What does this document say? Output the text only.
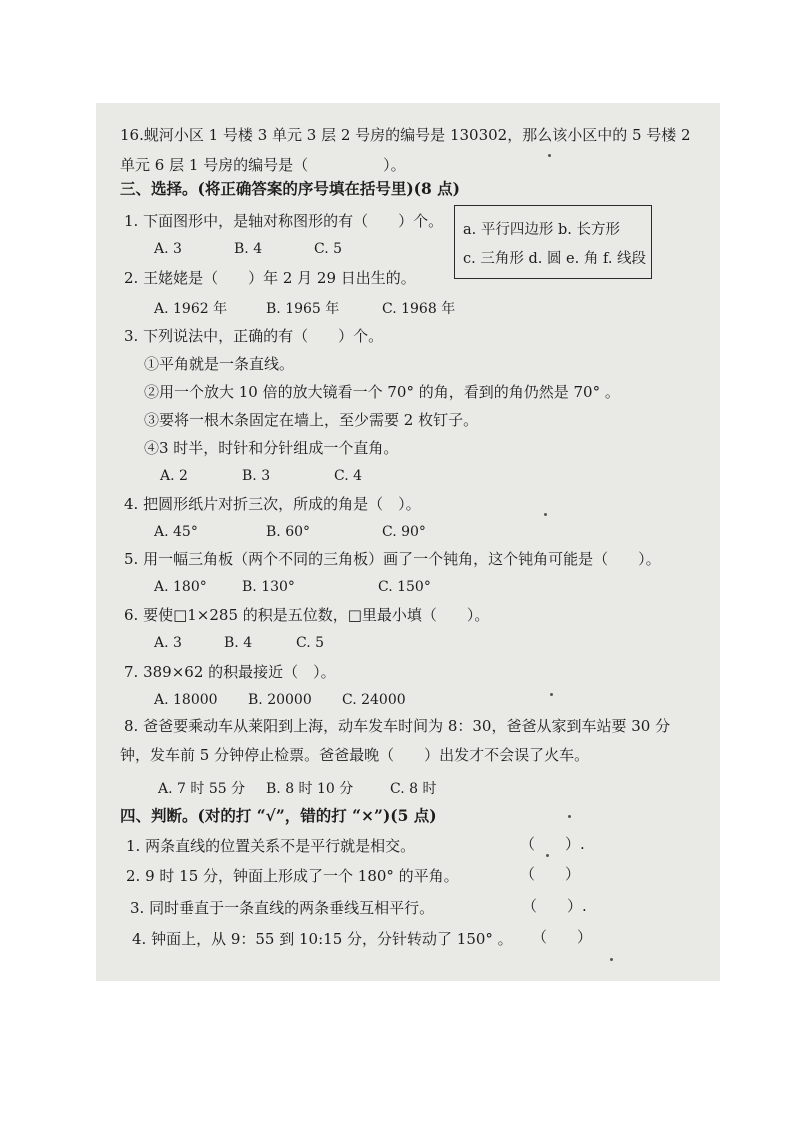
16.蚬河小区 1 号楼 3 单元 3 层 2 号房的编号是 130302，那么该小区中的 5 号楼 2
单元 6 层 1 号房的编号是（　　　　　）。
三、选择。(将正确答案的序号填在括号里)(8 点)
a. 平行四边形 b. 长方形
c. 三角形 d. 圆 e. 角 f. 线段
1. 下面图形中，是轴对称图形的有（　　）个。
A. 3	B. 4	C. 5
2. 王姥姥是（　　）年 2 月 29 日出生的。
A. 1962 年	B. 1965 年	C. 1968 年
3. 下列说法中，正确的有（　　）个。
①平角就是一条直线。
②用一个放大 10 倍的放大镜看一个 70° 的角，看到的角仍然是 70° 。
③要将一根木条固定在墙上，至少需要 2 枚钉子。
④3 时半，时针和分针组成一个直角。
A. 2	B. 3	C. 4
4. 把圆形纸片对折三次，所成的角是（　）。
A. 45°	B. 60°	C. 90°
5. 用一幅三角板（两个不同的三角板）画了一个钝角，这个钝角可能是（　　）。
A. 180°	B. 130°	C. 150°
6. 要使□1×285 的积是五位数，□里最小填（　　）。
A. 3	B. 4	C. 5
7. 389×62 的积最接近（　）。
A. 18000 B. 20000 C. 24000
8. 爸爸要乘动车从莱阳到上海，动车发车时间为 8：30，爸爸从家到车站要 30 分
钟，发车前 5 分钟停止检票。爸爸最晚（　　）出发才不会误了火车。
A. 7 时 55 分 B. 8 时 10 分	C. 8 时
四、判断。(对的打 “√”，错的打 “×”)(5 点)
1. 两条直线的位置关系不是平行就是相交。	（　　）.
2. 9 时 15 分，钟面上形成了一个 180° 的平角。	（　　）
3. 同时垂直于一条直线的两条垂线互相平行。	（　　）.
4. 钟面上，从 9：55 到 10:15 分，分针转动了 150° 。 （　　）
